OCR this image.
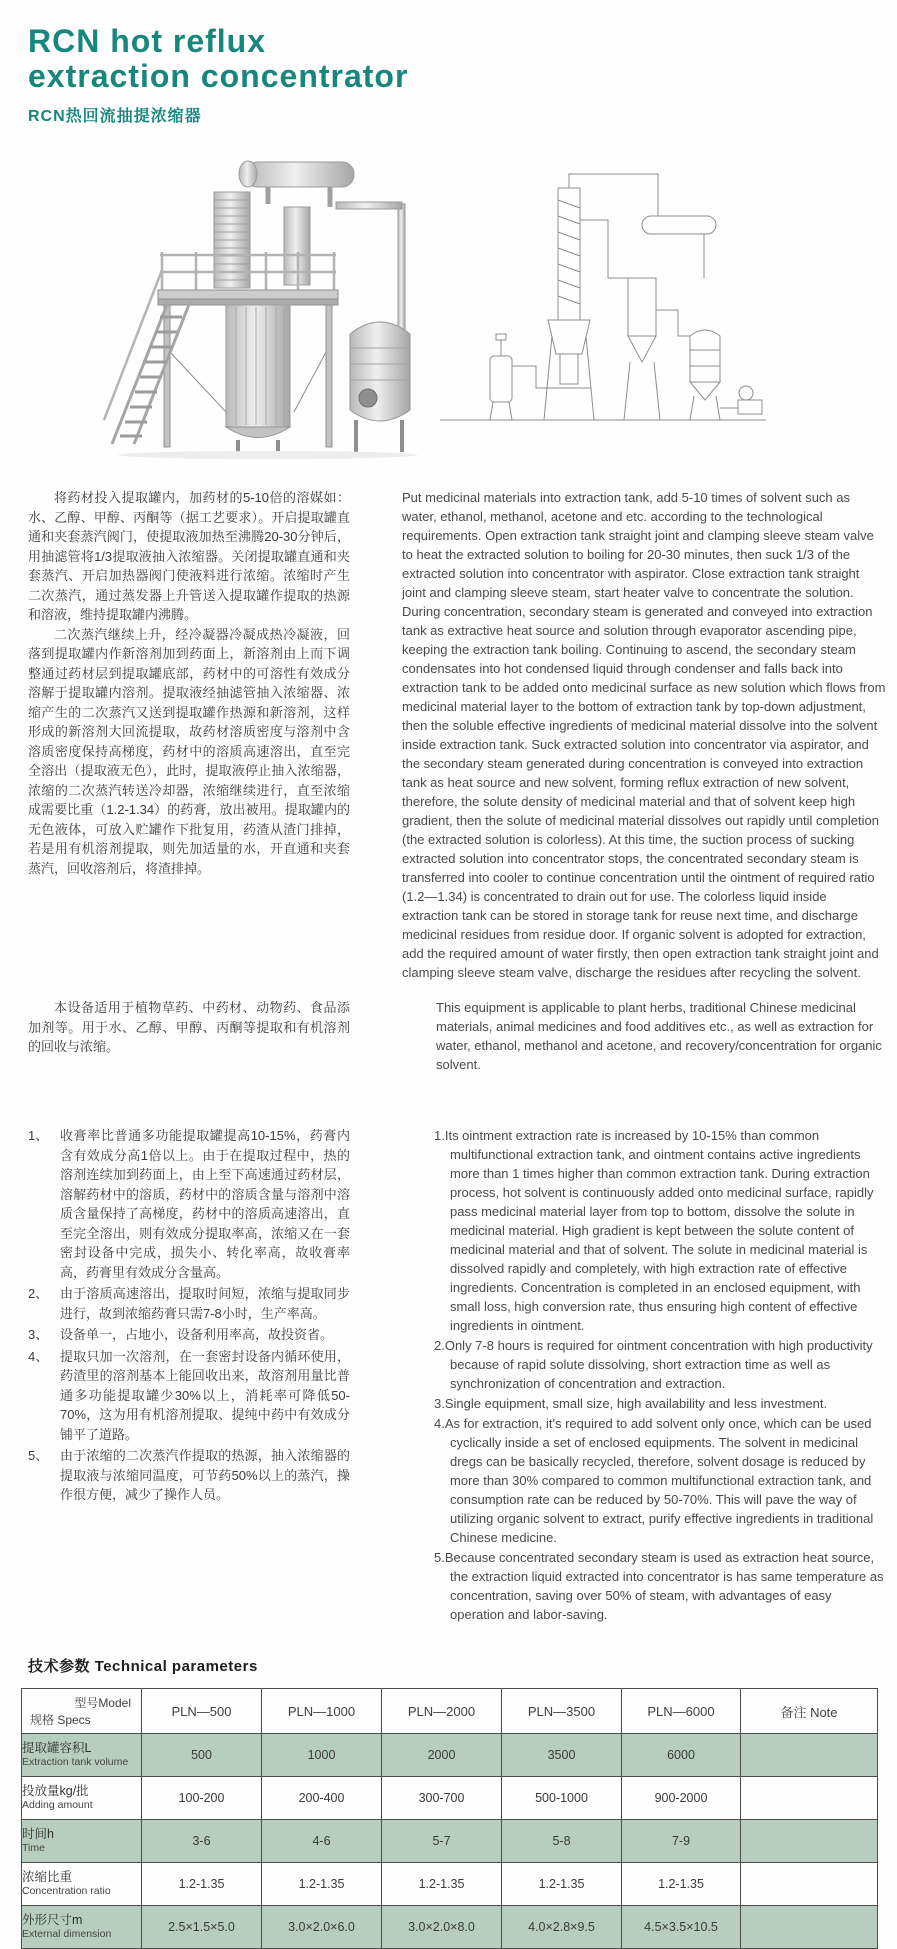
RCN hot reflux
extraction concentrator
RCN热回流抽提浓缩器

将药材投入提取罐内，加药材的5-10倍的溶媒如：水、乙醇、甲醇、丙酮等（据工艺要求）。开启提取罐直通和夹套蒸汽阀门，使提取液加热至沸腾20-30分钟后，用抽滤管将1/3提取液抽入浓缩器。关闭提取罐直通和夹套蒸汽、开启加热器阀门使液料进行浓缩。浓缩时产生二次蒸汽，通过蒸发器上升管送入提取罐作提取的热源和溶液，维持提取罐内沸腾。

二次蒸汽继续上升，经冷凝器冷凝成热冷凝液，回落到提取罐内作新溶剂加到药面上，新溶剂由上而下调整通过药材层到提取罐底部，药材中的可溶性有效成分溶解于提取罐内溶剂。提取液经抽滤管抽入浓缩器、浓缩产生的二次蒸汽又送到提取罐作热源和新溶剂，这样形成的新溶剂大回流提取，故药材溶质密度与溶剂中含溶质密度保持高梯度，药材中的溶质高速溶出，直至完全溶出（提取液无色），此时，提取液停止抽入浓缩器，浓缩的二次蒸汽转送冷却器，浓缩继续进行，直至浓缩成需要比重（1.2-1.34）的药膏，放出被用。提取罐内的无色液体，可放入贮罐作下批复用，药渣从渣门排掉，若是用有机溶剂提取，则先加适量的水，开直通和夹套蒸汽，回收溶剂后，将渣排掉。

Put medicinal materials into extraction tank, add 5-10 times of solvent such as water, ethanol, methanol, acetone and etc. according to the technological requirements. Open extraction tank straight joint and clamping sleeve steam valve to heat the extracted solution to boiling for 20-30 minutes, then suck 1/3 of the extracted solution into concentrator with aspirator. Close extraction tank straight joint and clamping sleeve steam, start heater valve to concentrate the solution. During concentration, secondary steam is generated and conveyed into extraction tank as extractive heat source and solution through evaporator ascending pipe, keeping the extraction tank boiling. Continuing to ascend, the secondary steam condensates into hot condensed liquid through condenser and falls back into extraction tank to be added onto medicinal surface as new solution which flows from medicinal material layer to the bottom of extraction tank by top-down adjustment, then the soluble effective ingredients of medicinal material dissolve into the solvent inside extraction tank. Suck extracted solution into concentrator via aspirator, and the secondary steam generated during concentration is conveyed into extraction tank as heat source and new solvent, forming reflux extraction of new solvent, therefore, the solute density of medicinal material and that of solvent keep high gradient, then the solute of medicinal material dissolves out rapidly until completion (the extracted solution is colorless). At this time, the suction process of sucking extracted solution into concentrator stops, the concentrated secondary steam is transferred into cooler to continue concentration until the ointment of required ratio (1.2—1.34) is concentrated to drain out for use. The colorless liquid inside extraction tank can be stored in storage tank for reuse next time, and discharge medicinal residues from residue door. If organic solvent is adopted for extraction, add the required amount of water firstly, then open extraction tank straight joint and clamping sleeve steam valve, discharge the residues after recycling the solvent.

本设备适用于植物草药、中药材、动物药、食品添加剂等。用于水、乙醇、甲醇、丙酮等提取和有机溶剂的回收与浓缩。

This equipment is applicable to plant herbs, traditional Chinese medicinal materials, animal medicines and food additives etc., as well as extraction for water, ethanol, methanol and acetone, and recovery/concentration for organic solvent.

1、 收膏率比普通多功能提取罐提高10-15%，药膏内含有效成分高1倍以上。由于在提取过程中，热的溶剂连续加到药面上，由上至下高速通过药材层，溶解药材中的溶质，药材中的溶质含量与溶剂中溶质含量保持了高梯度，药材中的溶质高速溶出，直至完全溶出，则有效成分提取率高，浓缩又在一套密封设备中完成，损失小、转化率高，故收膏率高，药膏里有效成分含量高。
2、 由于溶质高速溶出，提取时间短，浓缩与提取同步进行，故到浓缩药膏只需7-8小时，生产率高。
3、 设备单一，占地小，设备利用率高，故投资省。
4、 提取只加一次溶剂，在一套密封设备内循环使用，药渣里的溶剂基本上能回收出来，故溶剂用量比普通多功能提取罐少30%以上，消耗率可降低50-70%，这为用有机溶剂提取、提纯中药中有效成分铺平了道路。
5、 由于浓缩的二次蒸汽作提取的热源，抽入浓缩器的提取液与浓缩同温度，可节药50%以上的蒸汽，操作很方便，减少了操作人员。
1.Its ointment extraction rate is increased by 10-15% than common multifunctional extraction tank, and ointment contains active ingredients more than 1 times higher than common extraction tank. During extraction process, hot solvent is continuously added onto medicinal surface, rapidly pass medicinal material layer from top to bottom, dissolve the solute in medicinal material. High gradient is kept between the solute content of medicinal material and that of solvent. The solute in medicinal material is dissolved rapidly and completely, with high extraction rate of effective ingredients. Concentration is completed in an enclosed equipment, with small loss, high conversion rate, thus ensuring high content of effective ingredients in ointment.
2.Only 7-8 hours is required for ointment concentration with high productivity because of rapid solute dissolving, short extraction time as well as synchronization of concentration and extraction.
3.Single equipment, small size, high availability and less investment.
4.As for extraction, it's required to add solvent only once, which can be used cyclically inside a set of enclosed equipments. The solvent in medicinal dregs can be basically recycled, therefore, solvent dosage is reduced by more than 30% compared to common multifunctional extraction tank, and consumption rate can be reduced by 50-70%. This will pave the way of utilizing organic solvent to extract, purify effective ingredients in traditional Chinese medicine.
5.Because concentrated secondary steam is used as extraction heat source, the extraction liquid extracted into concentrator is has same temperature as concentration, saving over 50% of steam, with advantages of easy operation and labor-saving.
技术参数 Technical parameters
型号Model
规格 Specs	PLN—500	PLN—1000	PLN—2000	PLN—3500	PLN—6000	备注 Note

提取罐容积L
Extraction tank volume	500	1000	2000	3500	6000	

投放量kg/批
Adding amount	100-200	200-400	300-700	500-1000	900-2000	

时间h
Time	3-6	4-6	5-7	5-8	7-9	

浓缩比重
Concentration ratio	1.2-1.35	1.2-1.35	1.2-1.35	1.2-1.35	1.2-1.35	

外形尺寸m
External dimension	2.5×1.5×5.0	3.0×2.0×6.0	3.0×2.0×8.0	4.0×2.8×9.5	4.5×3.5×10.5	
